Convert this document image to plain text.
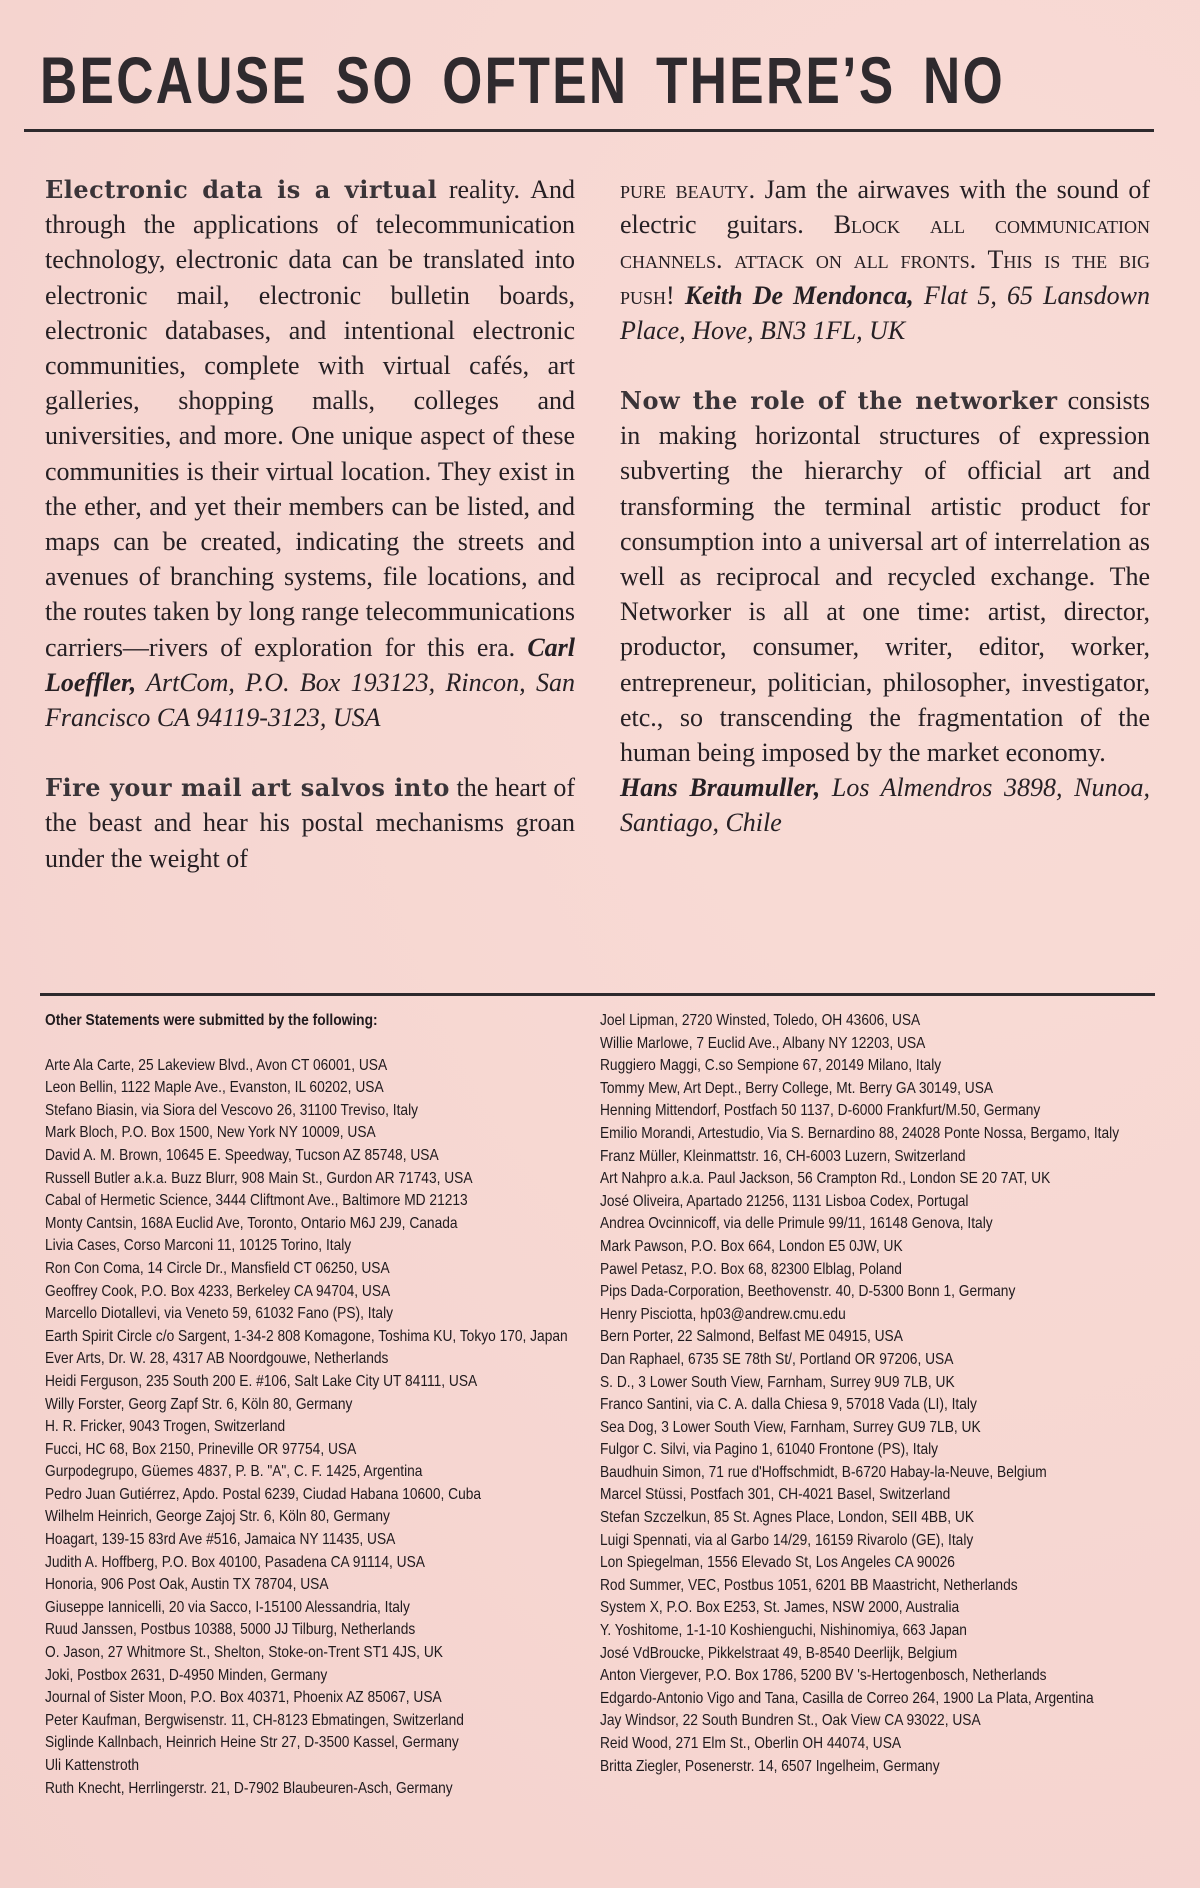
BECAUSE SO OFTEN THERE’S NO

Electronic data is a virtual reality. And through the applications of telecommunication technology, electronic data can be translated into electronic mail, electronic bulletin boards, electronic databases, and intentional electronic communities, complete with virtual cafés, art galleries, shopping malls, colleges and universities, and more. One unique aspect of these communities is their virtual location. They exist in the ether, and yet their members can be listed, and maps can be created, indicating the streets and avenues of branching systems, file locations, and the routes taken by long range telecommunications carriers—rivers of exploration for this era. Carl Loeffler, ArtCom, P.O. Box 193123, Rincon, San Francisco CA 94119-3123, USA

Fire your mail art salvos into the heart of the beast and hear his postal mechanisms groan under the weight of

pure beauty. Jam the airwaves with the sound of electric guitars. Block all communication channels. attack on all fronts. This is the big push! Keith De Mendonca, Flat 5, 65 Lansdown Place, Hove, BN3 1FL, UK

Now the role of the networker consists in making horizontal structures of expression subverting the hierarchy of official art and transforming the terminal artistic product for consumption into a universal art of interrelation as well as reciprocal and recycled exchange. The Networker is all at one time: artist, director, productor, consumer, writer, editor, worker, entrepreneur, politician, philosopher, investigator, etc., so transcending the fragmentation of the human being imposed by the market economy.
Hans Braumuller, Los Almendros 3898, Nunoa, Santiago, Chile

Other Statements were submitted by the following:
Arte Ala Carte, 25 Lakeview Blvd., Avon CT 06001, USA
Leon Bellin, 1122 Maple Ave., Evanston, IL 60202, USA
Stefano Biasin, via Siora del Vescovo 26, 31100 Treviso, Italy
Mark Bloch, P.O. Box 1500, New York NY 10009, USA
David A. M. Brown, 10645 E. Speedway, Tucson AZ 85748, USA
Russell Butler a.k.a. Buzz Blurr, 908 Main St., Gurdon AR 71743, USA
Cabal of Hermetic Science, 3444 Cliftmont Ave., Baltimore MD 21213
Monty Cantsin, 168A Euclid Ave, Toronto, Ontario M6J 2J9, Canada
Livia Cases, Corso Marconi 11, 10125 Torino, Italy
Ron Con Coma, 14 Circle Dr., Mansfield CT 06250, USA
Geoffrey Cook, P.O. Box 4233, Berkeley CA 94704, USA
Marcello Diotallevi, via Veneto 59, 61032 Fano (PS), Italy
Earth Spirit Circle c/o Sargent, 1-34-2 808 Komagone, Toshima KU, Tokyo 170, Japan
Ever Arts, Dr. W. 28, 4317 AB Noordgouwe, Netherlands
Heidi Ferguson, 235 South 200 E. #106, Salt Lake City UT 84111, USA
Willy Forster, Georg Zapf Str. 6, Köln 80, Germany
H. R. Fricker, 9043 Trogen, Switzerland
Fucci, HC 68, Box 2150, Prineville OR 97754, USA
Gurpodegrupo, Güemes 4837, P. B. "A", C. F. 1425, Argentina
Pedro Juan Gutiérrez, Apdo. Postal 6239, Ciudad Habana 10600, Cuba
Wilhelm Heinrich, George Zajoj Str. 6, Köln 80, Germany
Hoagart, 139-15 83rd Ave #516, Jamaica NY 11435, USA
Judith A. Hoffberg, P.O. Box 40100, Pasadena CA 91114, USA
Honoria, 906 Post Oak, Austin TX 78704, USA
Giuseppe Iannicelli, 20 via Sacco, I-15100 Alessandria, Italy
Ruud Janssen, Postbus 10388, 5000 JJ Tilburg, Netherlands
O. Jason, 27 Whitmore St., Shelton, Stoke-on-Trent ST1 4JS, UK
Joki, Postbox 2631, D-4950 Minden, Germany
Journal of Sister Moon, P.O. Box 40371, Phoenix AZ 85067, USA
Peter Kaufman, Bergwisenstr. 11, CH-8123 Ebmatingen, Switzerland
Siglinde Kallnbach, Heinrich Heine Str 27, D-3500 Kassel, Germany
Uli Kattenstroth
Ruth Knecht, Herrlingerstr. 21, D-7902 Blaubeuren-Asch, Germany
Joel Lipman, 2720 Winsted, Toledo, OH 43606, USA
Willie Marlowe, 7 Euclid Ave., Albany NY 12203, USA
Ruggiero Maggi, C.so Sempione 67, 20149 Milano, Italy
Tommy Mew, Art Dept., Berry College, Mt. Berry GA 30149, USA
Henning Mittendorf, Postfach 50 1137, D-6000 Frankfurt/M.50, Germany
Emilio Morandi, Artestudio, Via S. Bernardino 88, 24028 Ponte Nossa, Bergamo, Italy
Franz Müller, Kleinmattstr. 16, CH-6003 Luzern, Switzerland
Art Nahpro a.k.a. Paul Jackson, 56 Crampton Rd., London SE 20 7AT, UK
José Oliveira, Apartado 21256, 1131 Lisboa Codex, Portugal
Andrea Ovcinnicoff, via delle Primule 99/11, 16148 Genova, Italy
Mark Pawson, P.O. Box 664, London E5 0JW, UK
Pawel Petasz, P.O. Box 68, 82300 Elblag, Poland
Pips Dada-Corporation, Beethovenstr. 40, D-5300 Bonn 1, Germany
Henry Pisciotta, hp03@andrew.cmu.edu
Bern Porter, 22 Salmond, Belfast ME 04915, USA
Dan Raphael, 6735 SE 78th St/, Portland OR 97206, USA
S. D., 3 Lower South View, Farnham, Surrey 9U9 7LB, UK
Franco Santini, via C. A. dalla Chiesa 9, 57018 Vada (LI), Italy
Sea Dog, 3 Lower South View, Farnham, Surrey GU9 7LB, UK
Fulgor C. Silvi, via Pagino 1, 61040 Frontone (PS), Italy
Baudhuin Simon, 71 rue d'Hoffschmidt, B-6720 Habay-la-Neuve, Belgium
Marcel Stüssi, Postfach 301, CH-4021 Basel, Switzerland
Stefan Szczelkun, 85 St. Agnes Place, London, SEII 4BB, UK
Luigi Spennati, via al Garbo 14/29, 16159 Rivarolo (GE), Italy
Lon Spiegelman, 1556 Elevado St, Los Angeles CA 90026
Rod Summer, VEC, Postbus 1051, 6201 BB Maastricht, Netherlands
System X, P.O. Box E253, St. James, NSW 2000, Australia
Y. Yoshitome, 1-1-10 Koshienguchi, Nishinomiya, 663 Japan
José VdBroucke, Pikkelstraat 49, B-8540 Deerlijk, Belgium
Anton Viergever, P.O. Box 1786, 5200 BV 's-Hertogenbosch, Netherlands
Edgardo-Antonio Vigo and Tana, Casilla de Correo 264, 1900 La Plata, Argentina
Jay Windsor, 22 South Bundren St., Oak View CA 93022, USA
Reid Wood, 271 Elm St., Oberlin OH 44074, USA
Britta Ziegler, Posenerstr. 14, 6507 Ingelheim, Germany
